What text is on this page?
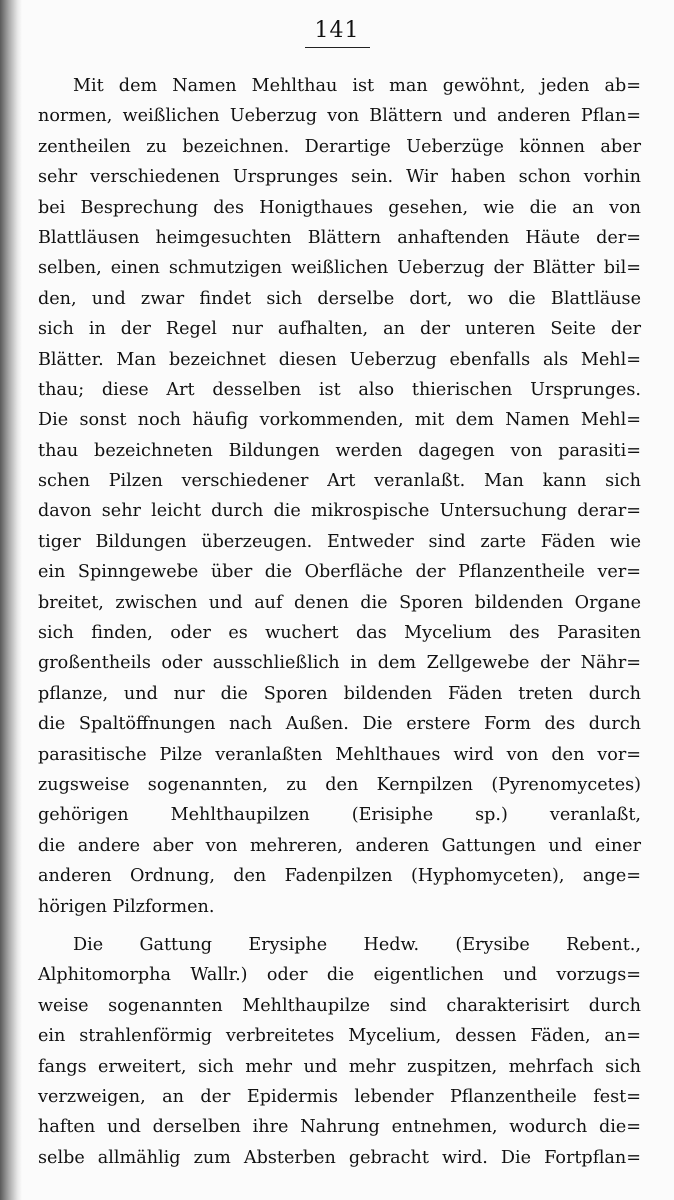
141
Mit dem Namen Mehlthau ist man gewöhnt, jeden ab=
normen, weißlichen Ueberzug von Blättern und anderen Pflan=
zentheilen zu bezeichnen. Derartige Ueberzüge können aber
sehr verschiedenen Ursprunges sein. Wir haben schon vorhin
bei Besprechung des Honigthaues gesehen, wie die an von
Blattläusen heimgesuchten Blättern anhaftenden Häute der=
selben, einen schmutzigen weißlichen Ueberzug der Blätter bil=
den, und zwar findet sich derselbe dort, wo die Blattläuse
sich in der Regel nur aufhalten, an der unteren Seite der
Blätter. Man bezeichnet diesen Ueberzug ebenfalls als Mehl=
thau; diese Art desselben ist also thierischen Ursprunges.
Die sonst noch häufig vorkommenden, mit dem Namen Mehl=
thau bezeichneten Bildungen werden dagegen von parasiti=
schen Pilzen verschiedener Art veranlaßt. Man kann sich
davon sehr leicht durch die mikrospische Untersuchung derar=
tiger Bildungen überzeugen. Entweder sind zarte Fäden wie
ein Spinngewebe über die Oberfläche der Pflanzentheile ver=
breitet, zwischen und auf denen die Sporen bildenden Organe
sich finden, oder es wuchert das Mycelium des Parasiten
großentheils oder ausschließlich in dem Zellgewebe der Nähr=
pflanze, und nur die Sporen bildenden Fäden treten durch
die Spaltöffnungen nach Außen. Die erstere Form des durch
parasitische Pilze veranlaßten Mehlthaues wird von den vor=
zugsweise sogenannten, zu den Kernpilzen (Pyrenomycetes)
gehörigen Mehlthaupilzen (Erisiphe sp.) veranlaßt,
die andere aber von mehreren, anderen Gattungen und einer
anderen Ordnung, den Fadenpilzen (Hyphomyceten), ange=
hörigen Pilzformen.
Die Gattung Erysiphe Hedw. (Erysibe Rebent.,
Alphitomorpha Wallr.) oder die eigentlichen und vorzugs=
weise sogenannten Mehlthaupilze sind charakterisirt durch
ein strahlenförmig verbreitetes Mycelium, dessen Fäden, an=
fangs erweitert, sich mehr und mehr zuspitzen, mehrfach sich
verzweigen, an der Epidermis lebender Pflanzentheile fest=
haften und derselben ihre Nahrung entnehmen, wodurch die=
selbe allmählig zum Absterben gebracht wird. Die Fortpflan=
